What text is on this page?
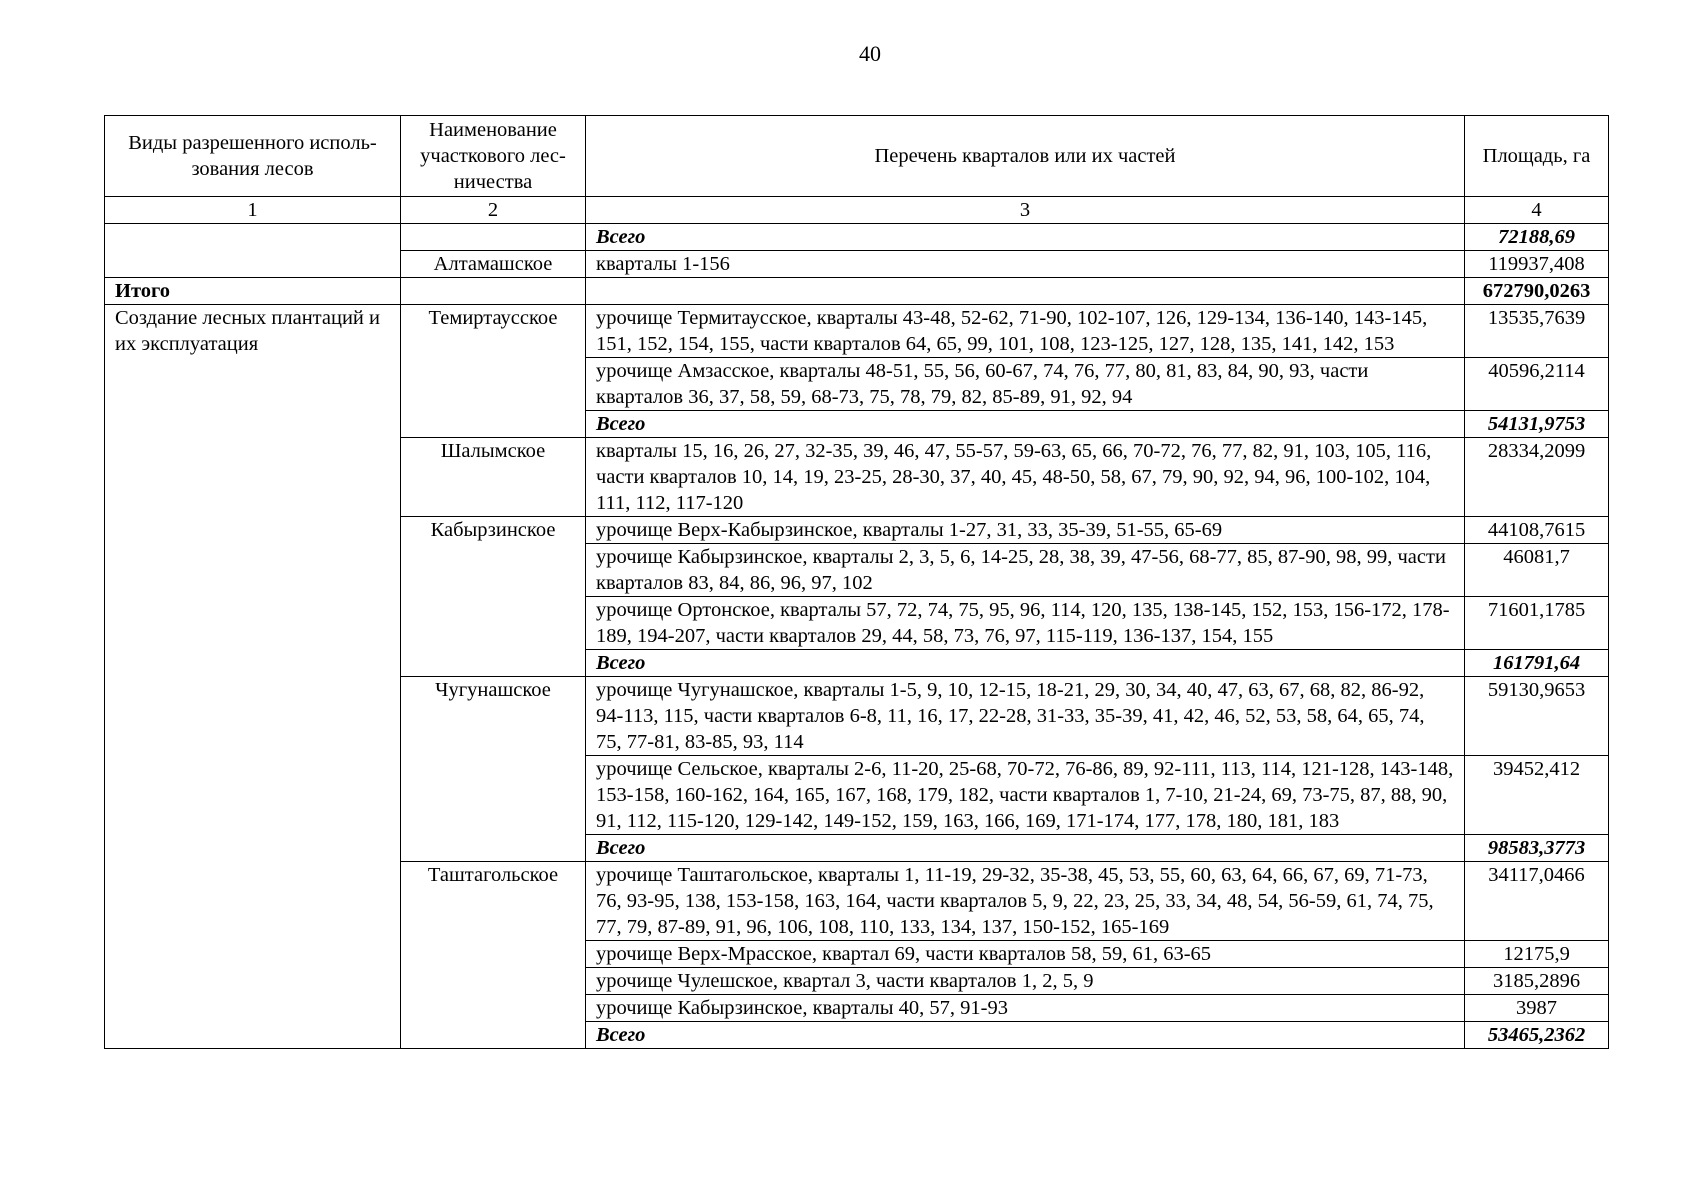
40
Виды разрешенного исполь-зования лесов	Наименование участкового лес-ничества	Перечень кварталов или их частей	Площадь, га
1	2	3	4
		Всего	72188,69
	Алтамашское	кварталы 1-156	119937,408
Итого			672790,0263
Создание лесных плантаций и их эксплуатация	Темиртаусское	урочище Термитаусское, кварталы 43-48, 52-62, 71-90, 102-107, 126, 129-134, 136-140, 143-145, 151, 152, 154, 155, части кварталов 64, 65, 99, 101, 108, 123-125, 127, 128, 135, 141, 142, 153	13535,7639
		урочище Амзасское, кварталы 48-51, 55, 56, 60-67, 74, 76, 77, 80, 81, 83, 84, 90, 93, части кварталов 36, 37, 58, 59, 68-73, 75, 78, 79, 82, 85-89, 91, 92, 94	40596,2114
		Всего	54131,9753
	Шалымское	кварталы 15, 16, 26, 27, 32-35, 39, 46, 47, 55-57, 59-63, 65, 66, 70-72, 76, 77, 82, 91, 103, 105, 116, части кварталов 10, 14, 19, 23-25, 28-30, 37, 40, 45, 48-50, 58, 67, 79, 90, 92, 94, 96, 100-102, 104, 111, 112, 117-120	28334,2099
	Кабырзинское	урочище Верх-Кабырзинское, кварталы 1-27, 31, 33, 35-39, 51-55, 65-69	44108,7615
		урочище Кабырзинское, кварталы 2, 3, 5, 6, 14-25, 28, 38, 39, 47-56, 68-77, 85, 87-90, 98, 99, части кварталов 83, 84, 86, 96, 97, 102	46081,7
		урочище Ортонское, кварталы 57, 72, 74, 75, 95, 96, 114, 120, 135, 138-145, 152, 153, 156-172, 178-189, 194-207, части кварталов 29, 44, 58, 73, 76, 97, 115-119, 136-137, 154, 155	71601,1785
		Всего	161791,64
	Чугунашское	урочище Чугунашское, кварталы 1-5, 9, 10, 12-15, 18-21, 29, 30, 34, 40, 47, 63, 67, 68, 82, 86-92, 94-113, 115, части кварталов 6-8, 11, 16, 17, 22-28, 31-33, 35-39, 41, 42, 46, 52, 53, 58, 64, 65, 74, 75, 77-81, 83-85, 93, 114	59130,9653
		урочище Сельское, кварталы 2-6, 11-20, 25-68, 70-72, 76-86, 89, 92-111, 113, 114, 121-128, 143-148, 153-158, 160-162, 164, 165, 167, 168, 179, 182, части кварталов 1, 7-10, 21-24, 69, 73-75, 87, 88, 90, 91, 112, 115-120, 129-142, 149-152, 159, 163, 166, 169, 171-174, 177, 178, 180, 181, 183	39452,412
		Всего	98583,3773
	Таштагольское	урочище Таштагольское, кварталы 1, 11-19, 29-32, 35-38, 45, 53, 55, 60, 63, 64, 66, 67, 69, 71-73, 76, 93-95, 138, 153-158, 163, 164, части кварталов 5, 9, 22, 23, 25, 33, 34, 48, 54, 56-59, 61, 74, 75, 77, 79, 87-89, 91, 96, 106, 108, 110, 133, 134, 137, 150-152, 165-169	34117,0466
		урочище Верх-Мрасское, квартал 69, части кварталов 58, 59, 61, 63-65	12175,9
		урочище Чулешское, квартал 3, части кварталов 1, 2, 5, 9	3185,2896
		урочище Кабырзинское, кварталы 40, 57, 91-93	3987
		Всего	53465,2362
